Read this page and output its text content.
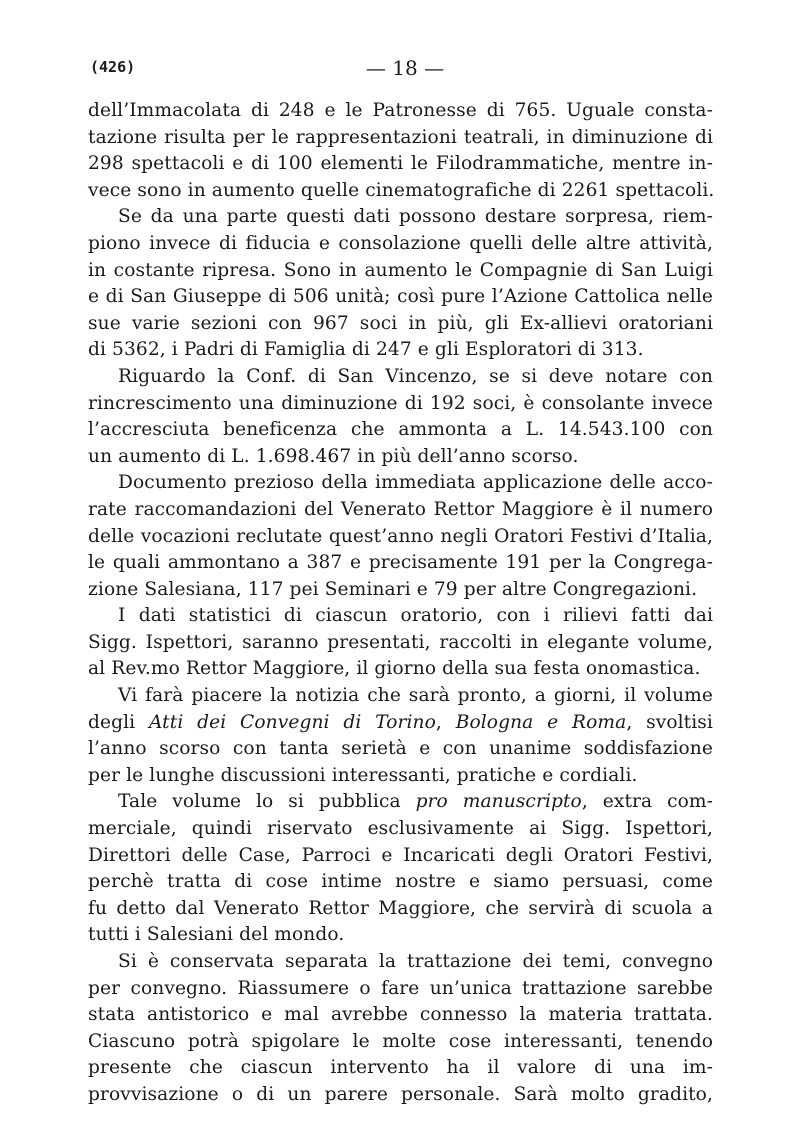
(426)	— 18 —
dell’Immacolata di 248 e le Patronesse di 765. Uguale consta-
tazione risulta per le rappresentazioni teatrali, in diminuzione di
298 spettacoli e di 100 elementi le Filodrammatiche, mentre in-
vece sono in aumento quelle cinematografiche di 2261 spettacoli.
Se da una parte questi dati possono destare sorpresa, riem-
piono invece di fiducia e consolazione quelli delle altre attività,
in costante ripresa. Sono in aumento le Compagnie di San Luigi
e di San Giuseppe di 506 unità; così pure l’Azione Cattolica nelle
sue varie sezioni con 967 soci in più, gli Ex-allievi oratoriani
di 5362, i Padri di Famiglia di 247 e gli Esploratori di 313.
Riguardo la Conf. di San Vincenzo, se si deve notare con
rincrescimento una diminuzione di 192 soci, è consolante invece
l’accresciuta beneficenza che ammonta a L. 14.543.100 con
un aumento di L. 1.698.467 in più dell’anno scorso.
Documento prezioso della immediata applicazione delle acco-
rate raccomandazioni del Venerato Rettor Maggiore è il numero
delle vocazioni reclutate quest’anno negli Oratori Festivi d’Italia,
le quali ammontano a 387 e precisamente 191 per la Congrega-
zione Salesiana, 117 pei Seminari e 79 per altre Congregazioni.
I dati statistici di ciascun oratorio, con i rilievi fatti dai
Sigg. Ispettori, saranno presentati, raccolti in elegante volume,
al Rev.mo Rettor Maggiore, il giorno della sua festa onomastica.
Vi farà piacere la notizia che sarà pronto, a giorni, il volume
degli Atti dei Convegni di Torino, Bologna e Roma, svoltisi
l’anno scorso con tanta serietà e con unanime soddisfazione
per le lunghe discussioni interessanti, pratiche e cordiali.
Tale volume lo si pubblica pro manuscripto, extra com-
merciale, quindi riservato esclusivamente ai Sigg. Ispettori,
Direttori delle Case, Parroci e Incaricati degli Oratori Festivi,
perchè tratta di cose intime nostre e siamo persuasi, come
fu detto dal Venerato Rettor Maggiore, che servirà di scuola a
tutti i Salesiani del mondo.
Si è conservata separata la trattazione dei temi, convegno
per convegno. Riassumere o fare un’unica trattazione sarebbe
stata antistorico e mal avrebbe connesso la materia trattata.
Ciascuno potrà spigolare le molte cose interessanti, tenendo
presente che ciascun intervento ha il valore di una im-
provvisazione o di un parere personale. Sarà molto gradito,
